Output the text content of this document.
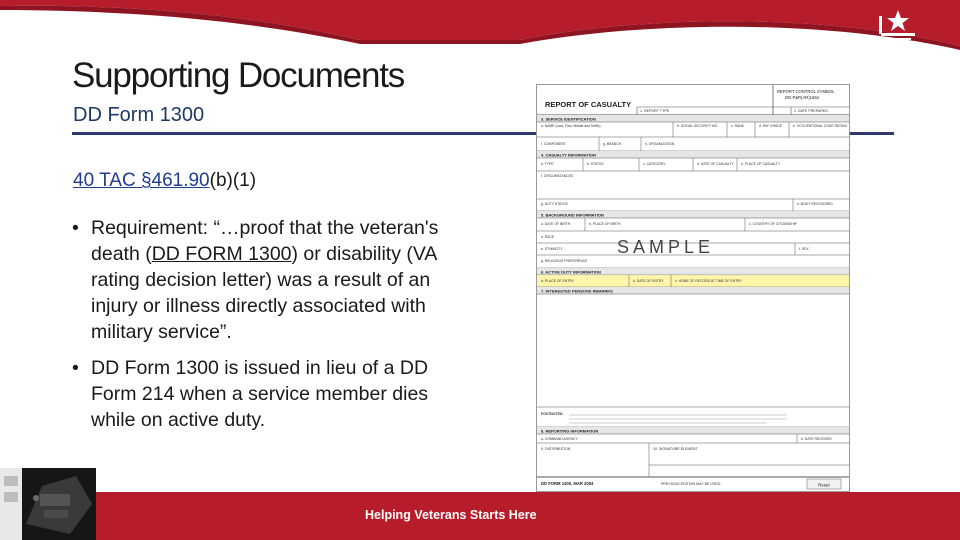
TEXAS VETERANS
COMMISSION
Supporting Documents
DD Form 1300
40 TAC §461.90(b)(1)
• Requirement: “…proof that the veteran's death (DD FORM 1300) or disability (VA rating decision letter) was a result of an injury or illness directly associated with military service”.
• DD Form 1300 is issued in lieu of a DD Form 214 when a service member dies while on active duty.
REPORT OF CASUALTY
REPORT CONTROL SYMBOL
DD-P&R(AR)1664
1. REPORT TYPE	2. DATE PREPARED
3. SERVICE IDENTIFICATION
a. NAME (Last, First, Middle and Suffix)	b. SOCIAL SECURITY NO.	c. RANK	d. PAY GRADE	e. OCCUPATIONAL CODE RATING
f. COMPONENT	g. BRANCH	h. ORGANIZATION
4. CASUALTY INFORMATION
a. TYPE	b. STATUS	c. CATEGORY	d. DATE OF CASUALTY e. PLACE OF CASUALTY
f. CIRCUMSTANCES
g. DUTY STATUS	h. BODY RECOVERED
5. BACKGROUND INFORMATION
a. DATE OF BIRTH	b. PLACE OF BIRTH	c. COUNTRY OF CITIZENSHIP
d. RACE
e. ETHNICITY	f. SEX
g. RELIGIOUS PREFERENCE
SAMPLE
6. ACTIVE DUTY INFORMATION
a. PLACE OF ENTRY	b. DATE OF ENTRY	c. HOME OF RECORD AT TIME OF ENTRY
7. INTERESTED PERSONS REMARKS
FOOTNOTES:
8. REPORTING INFORMATION
a. COMMAND AGENCY	b. DATE RECEIVED
9. DISTRIBUTION	10. SIGNATURE ELEMENT
DD FORM 1300, MAR 2004	PREVIOUS EDITION MAY BE USED.	Reset
Helping Veterans Starts Here
